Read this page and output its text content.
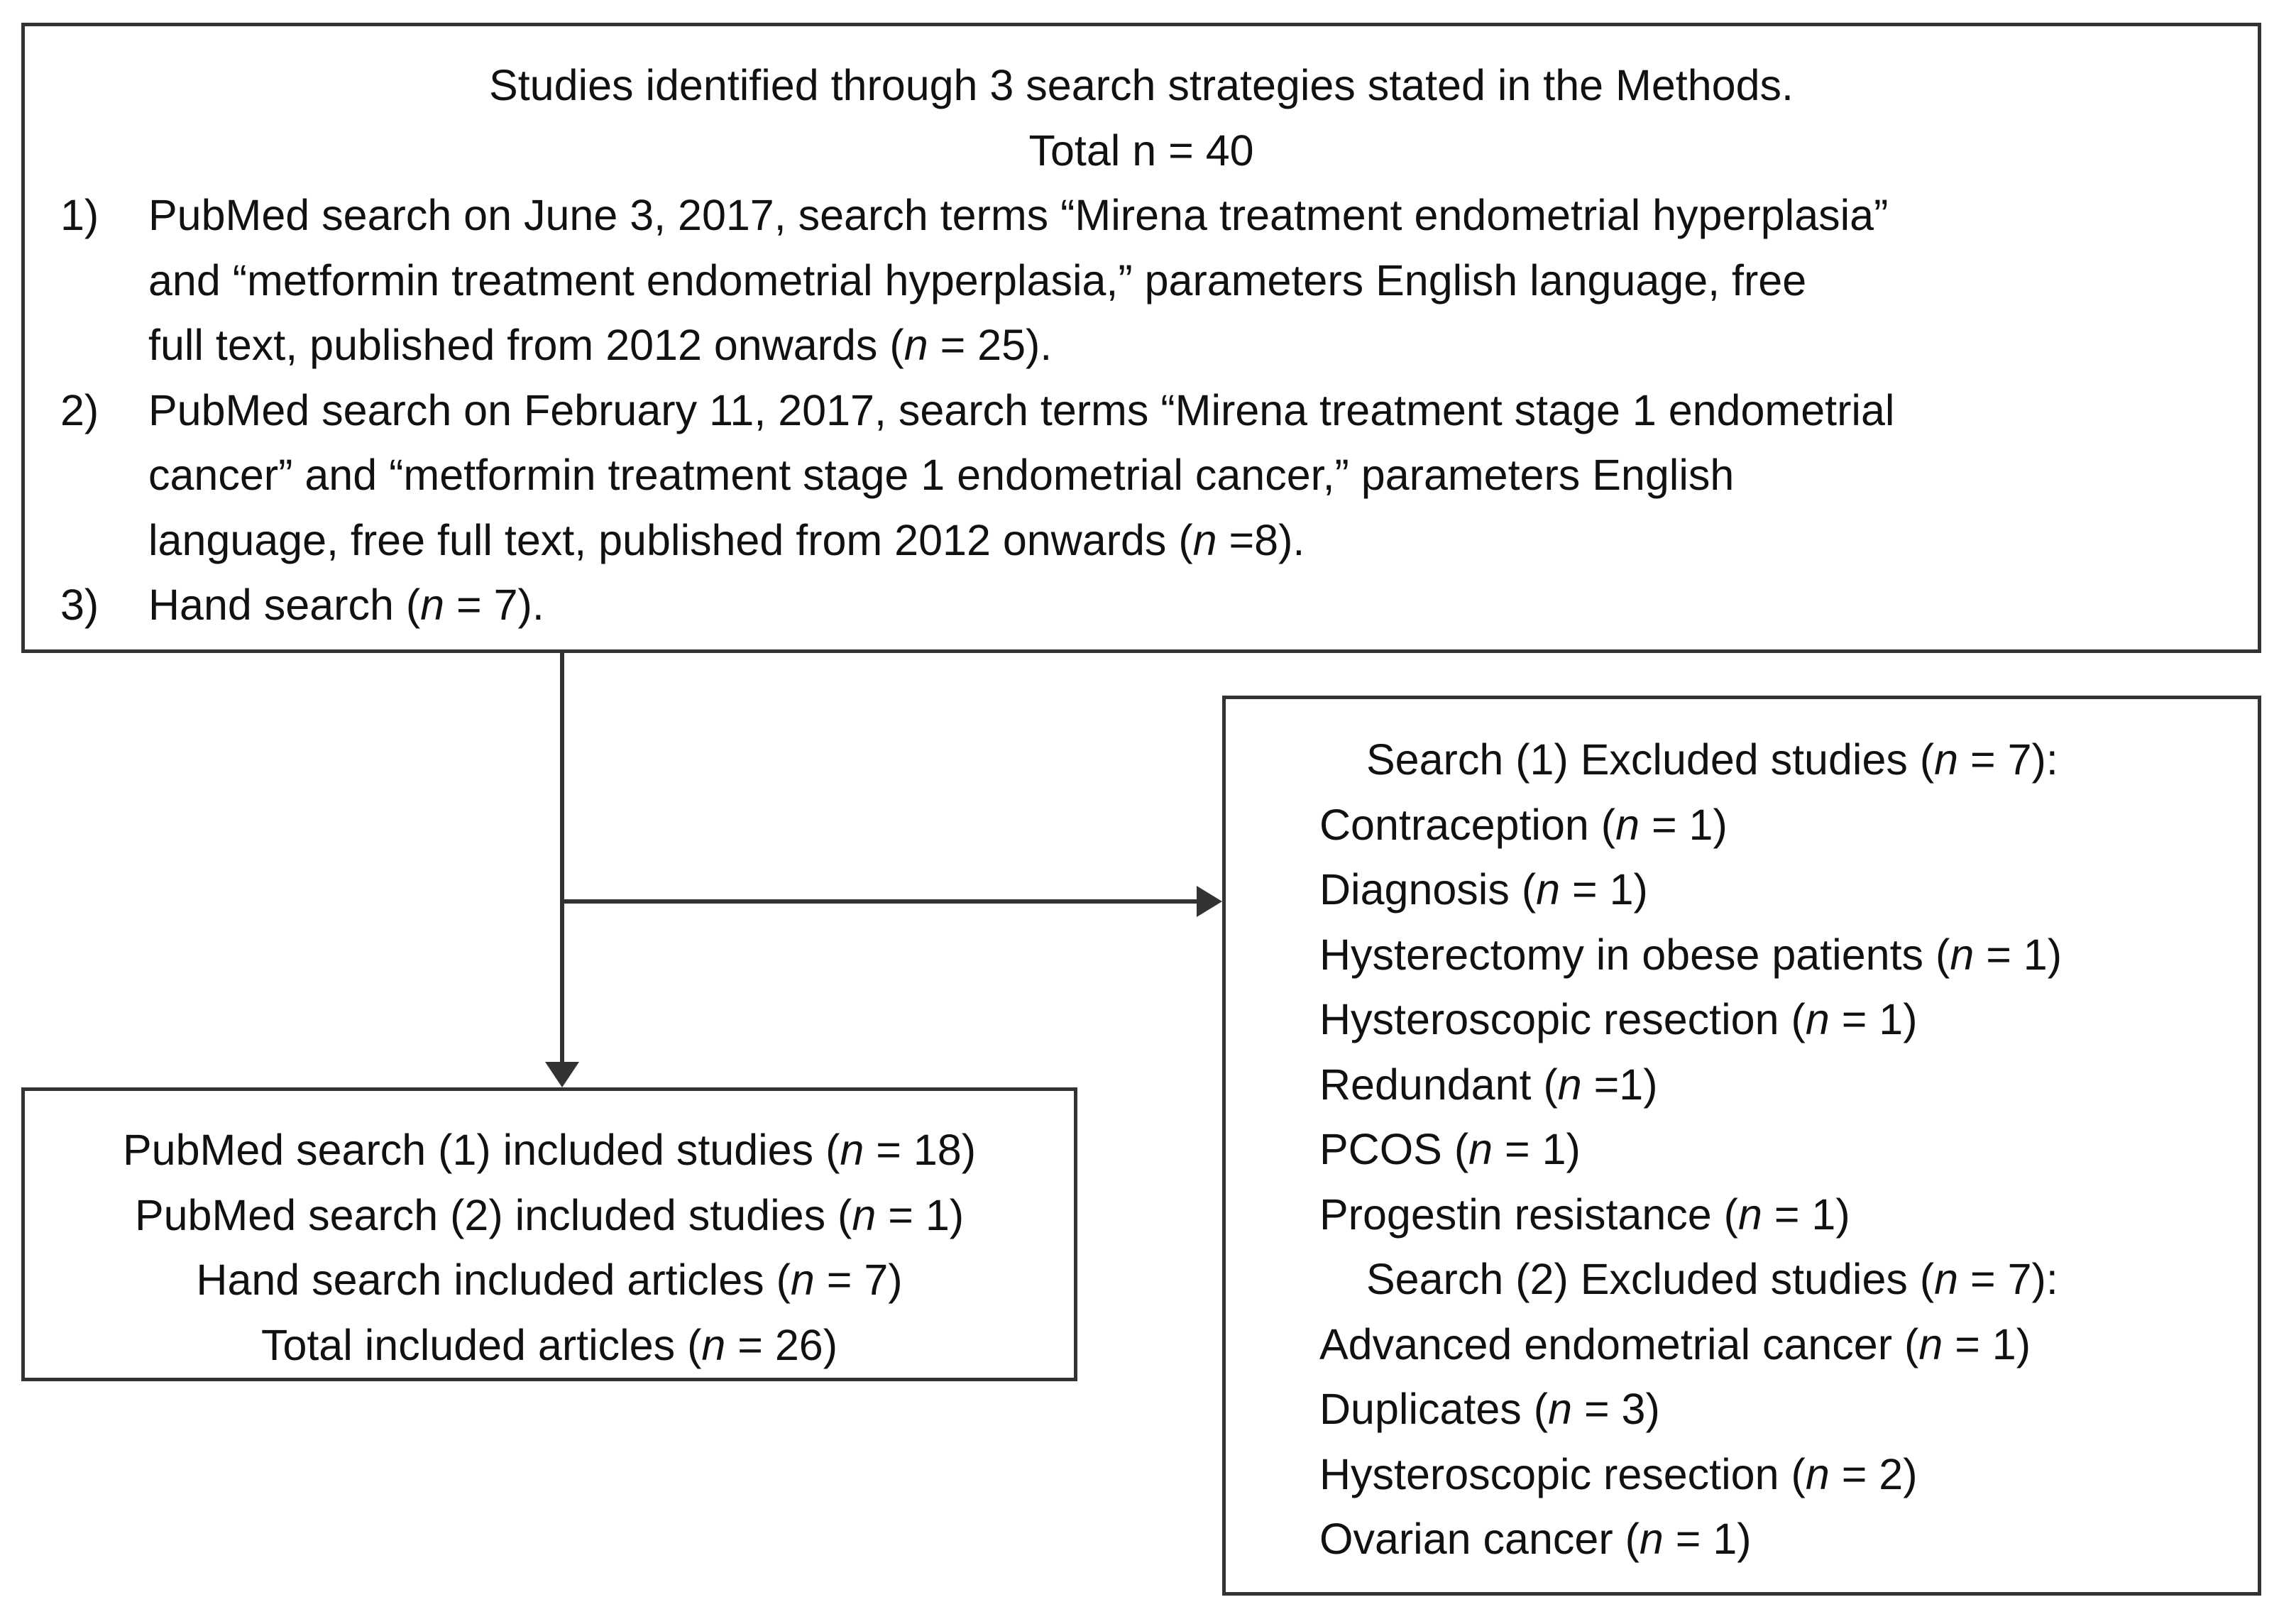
Studies identified through 3 search strategies stated in the Methods.
Total n = 40
1) PubMed search on June 3, 2017, search terms “Mirena treatment endometrial hyperplasia”
and “metformin treatment endometrial hyperplasia,” parameters English language, free
full text, published from 2012 onwards (n = 25).
2) PubMed search on February 11, 2017, search terms “Mirena treatment stage 1 endometrial
cancer” and “metformin treatment stage 1 endometrial cancer,” parameters English
language, free full text, published from 2012 onwards (n =8).
3) Hand search (n = 7).
PubMed search (1) included studies (n = 18)
PubMed search (2) included studies (n = 1)
Hand search included articles (n = 7)
Total included articles (n = 26)
Search (1) Excluded studies (n = 7):
Contraception (n = 1)
Diagnosis (n = 1)
Hysterectomy in obese patients (n = 1)
Hysteroscopic resection (n = 1)
Redundant (n =1)
PCOS (n = 1)
Progestin resistance (n = 1)
Search (2) Excluded studies (n = 7):
Advanced endometrial cancer (n = 1)
Duplicates (n = 3)
Hysteroscopic resection (n = 2)
Ovarian cancer (n = 1)
